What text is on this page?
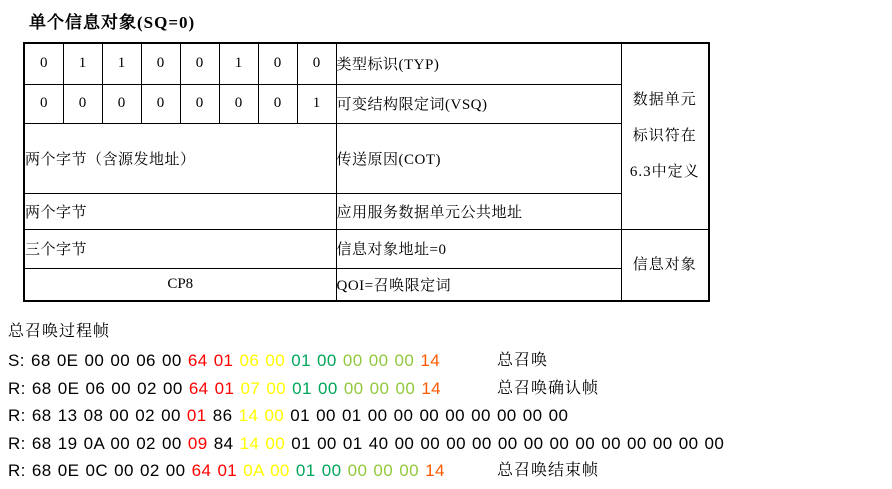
单个信息对象(SQ=0)
0	1	1	0	0	1	0	0	类型标识(TYP)	数据单元
标识符在
6.3中定义

0	0	0	0	0	0	0	1	可变结构限定词(VSQ)	
两个字节（含源发地址）								传送原因(COT)	
两个字节								应用服务数据单元公共地址	
三个字节								信息对象地址=0	信息对象

CP8								QOI=召唤限定词	
总召唤过程帧
S: 68 0E 00 00 06 00 64 01 06 00 01 00 00 00 00 14	总召唤
R: 68 0E 06 00 02 00 64 01 07 00 01 00 00 00 00 14	总召唤确认帧
R: 68 13 08 00 02 00 01 86 14 00 01 00 01 00 00 00 00 00 00 00 00
R: 68 19 0A 00 02 00 09 84 14 00 01 00 01 40 00 00 00 00 00 00 00 00 00 00 00 00 00
R: 68 0E 0C 00 02 00 64 01 0A 00 01 00 00 00 00 14	总召唤结束帧
